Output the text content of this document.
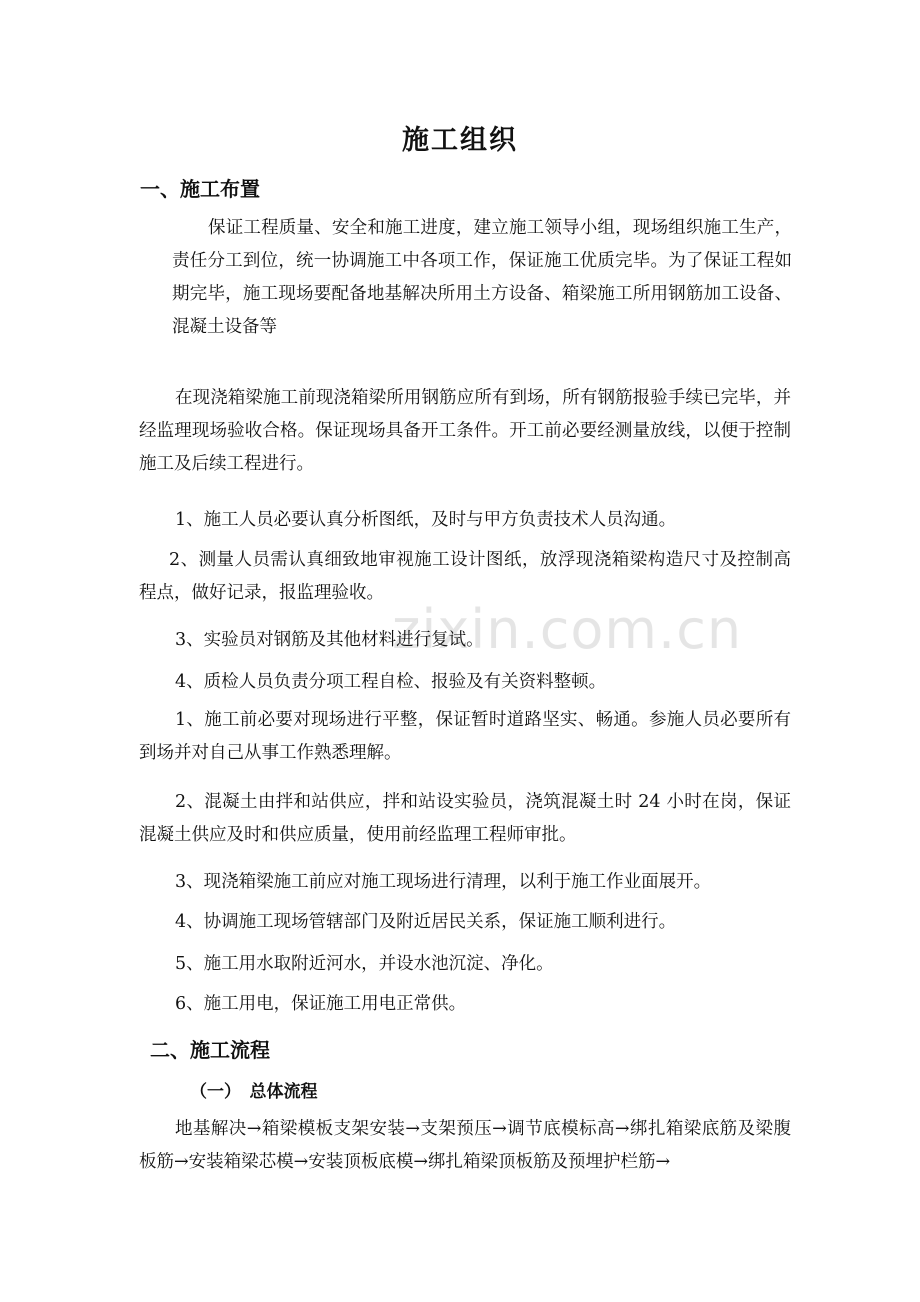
施工组织
一、施工布置
保证工程质量、安全和施工进度，建立施工领导小组，现场组织施工生产，责任分工到位，统一协调施工中各项工作，保证施工优质完毕。为了保证工程如期完毕，施工现场要配备地基解决所用土方设备、箱梁施工所用钢筋加工设备、混凝土设备等
在现浇箱梁施工前现浇箱梁所用钢筋应所有到场，所有钢筋报验手续已完毕，并经监理现场验收合格。保证现场具备开工条件。开工前必要经测量放线，以便于控制施工及后续工程进行。
1、施工人员必要认真分析图纸，及时与甲方负责技术人员沟通。
2、测量人员需认真细致地审视施工设计图纸，放浮现浇箱梁构造尺寸及控制高程点，做好记录，报监理验收。
3、实验员对钢筋及其他材料进行复试。
4、质检人员负责分项工程自检、报验及有关资料整顿。
1、施工前必要对现场进行平整，保证暂时道路坚实、畅通。参施人员必要所有到场并对自己从事工作熟悉理解。
2、混凝土由拌和站供应，拌和站设实验员，浇筑混凝土时 24 小时在岗，保证混凝土供应及时和供应质量，使用前经监理工程师审批。
3、现浇箱梁施工前应对施工现场进行清理，以利于施工作业面展开。
4、协调施工现场管辖部门及附近居民关系，保证施工顺利进行。
5、施工用水取附近河水，并设水池沉淀、净化。
6、施工用电，保证施工用电正常供。
二、施工流程
（一）　总体流程
地基解决→箱梁模板支架安装→支架预压→调节底模标高→绑扎箱梁底筋及梁腹板筋→安装箱梁芯模→安装顶板底模→绑扎箱梁顶板筋及预埋护栏筋→
zixin.com.cn
